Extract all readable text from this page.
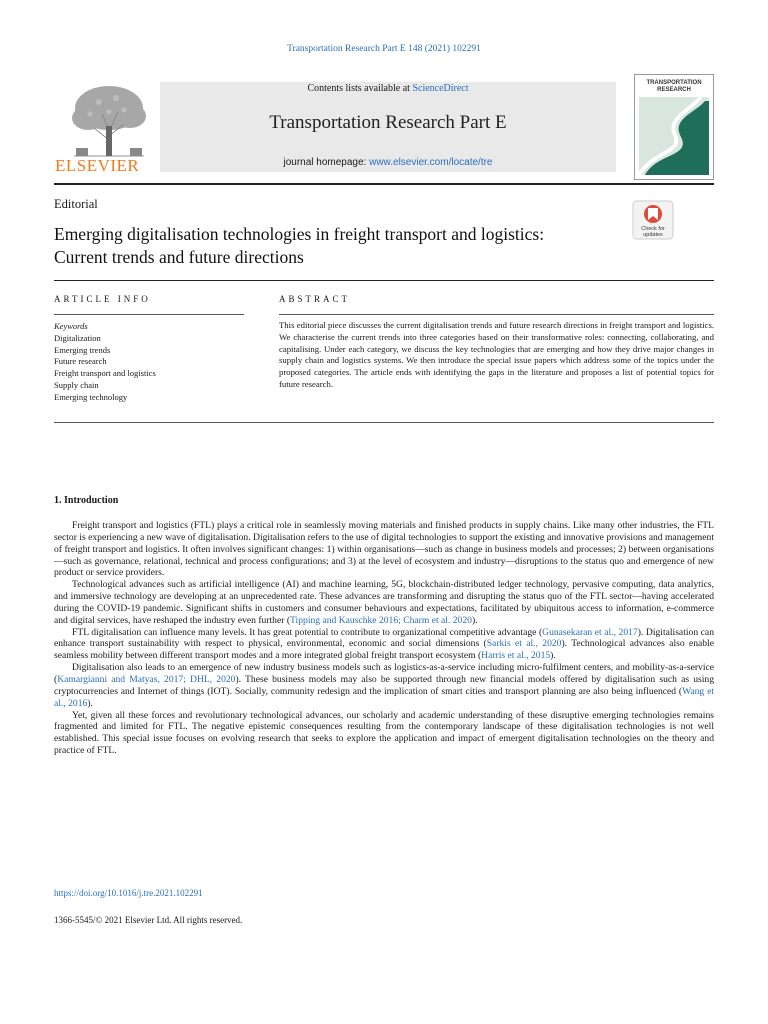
Transportation Research Part E 148 (2021) 102291
ELSEVIER
Contents lists available at ScienceDirect
Transportation Research Part E
journal homepage: www.elsevier.com/locate/tre
TRANSPORTATION
RESEARCH
Editorial
Emerging digitalisation technologies in freight transport and logistics: Current trends and future directions
Check for
updates
ARTICLE INFO
Keywords
Digitalization
Emerging trends
Future research
Freight transport and logistics
Supply chain
Emerging technology
ABSTRACT
This editorial piece discusses the current digitalisation trends and future research directions in freight transport and logistics. We characterise the current trends into three categories based on their transformative roles: connecting, collaborating, and capitalising. Under each category, we discuss the key technologies that are emerging and how they drive major changes in supply chain and logistics systems. We then introduce the special issue papers which address some of the topics under the proposed categories. The article ends with identifying the gaps in the literature and proposes a list of potential topics for future research.
1. Introduction

Freight transport and logistics (FTL) plays a critical role in seamlessly moving materials and finished products in supply chains. Like many other industries, the FTL sector is experiencing a new wave of digitalisation. Digitalisation refers to the use of digital technologies to support the existing and innovative provisions and management of freight transport and logistics. It often involves significant changes: 1) within organisations—such as change in business models and processes; 2) between organisations—such as governance, relational, technical and process configurations; and 3) at the level of ecosystem and industry—disruptions to the status quo and emergence of new product or service providers.

Technological advances such as artificial intelligence (AI) and machine learning, 5G, blockchain-distributed ledger technology, pervasive computing, data analytics, and immersive technology are developing at an unprecedented rate. These advances are transforming and disrupting the status quo of the FTL sector—having accelerated during the COVID-19 pandemic. Significant shifts in customers and consumer behaviours and expectations, facilitated by ubiquitous access to information, e-commerce and digital services, have reshaped the industry even further (Tipping and Kauschke 2016; Charm et al. 2020).

FTL digitalisation can influence many levels. It has great potential to contribute to organizational competitive advantage (Gunasekaran et al., 2017). Digitalisation can enhance transport sustainability with respect to physical, environmental, economic and social dimensions (Sarkis et al., 2020). Technological advances also enable seamless mobility between different transport modes and a more integrated global freight transport ecosystem (Harris et al., 2015).

Digitalisation also leads to an emergence of new industry business models such as logistics-as-a-service including micro-fulfilment centers, and mobility-as-a-service (Kamargianni and Matyas, 2017; DHL, 2020). These business models may also be supported through new financial models offered by digitalisation such as using cryptocurrencies and Internet of things (IOT). Socially, community redesign and the implication of smart cities and transport planning are also being influenced (Wang et al., 2016).

Yet, given all these forces and revolutionary technological advances, our scholarly and academic understanding of these disruptive emerging technologies remains fragmented and limited for FTL. The negative epistemic consequences resulting from the contemporary landscape of these digitalisation technologies is not well established. This special issue focuses on evolving research that seeks to explore the application and impact of emergent digitalisation technologies on the theory and practice of FTL.

https://doi.org/10.1016/j.tre.2021.102291
1366-5545/© 2021 Elsevier Ltd. All rights reserved.
